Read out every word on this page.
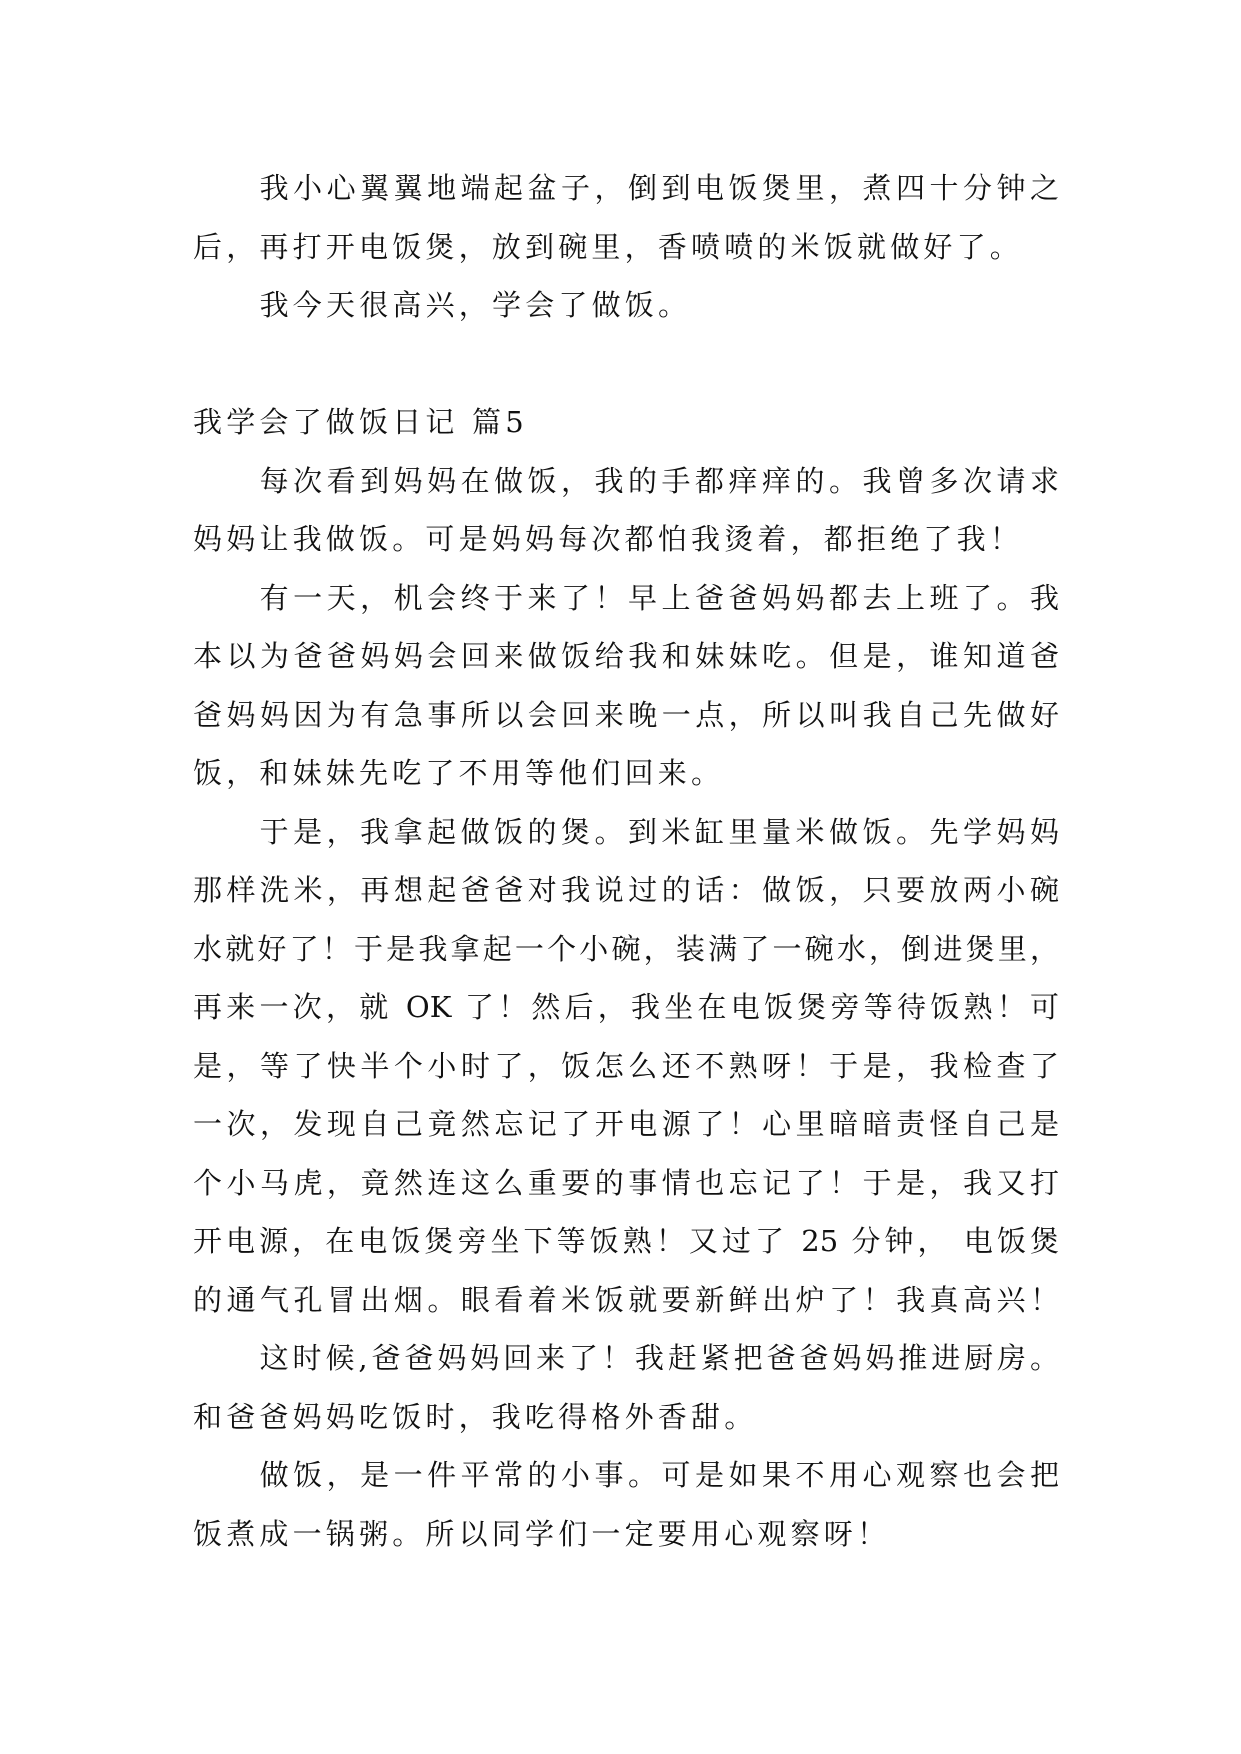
我小心翼翼地端起盆子，倒到电饭煲里，煮四十分钟之
后，再打开电饭煲，放到碗里，香喷喷的米饭就做好了。
我今天很高兴，学会了做饭。
我学会了做饭日记 篇5
每次看到妈妈在做饭，我的手都痒痒的。我曾多次请求
妈妈让我做饭。可是妈妈每次都怕我烫着，都拒绝了我！
有一天，机会终于来了！早上爸爸妈妈都去上班了。我
本以为爸爸妈妈会回来做饭给我和妹妹吃。但是，谁知道爸
爸妈妈因为有急事所以会回来晚一点，所以叫我自己先做好
饭，和妹妹先吃了不用等他们回来。
于是，我拿起做饭的煲。到米缸里量米做饭。先学妈妈
那样洗米，再想起爸爸对我说过的话：做饭，只要放两小碗
水就好了！于是我拿起一个小碗，装满了一碗水，倒进煲里，
再来一次，就 OK 了！然后，我坐在电饭煲旁等待饭熟！可
是，等了快半个小时了，饭怎么还不熟呀！于是，我检查了
一次，发现自己竟然忘记了开电源了！心里暗暗责怪自己是
个小马虎，竟然连这么重要的事情也忘记了！于是，我又打
开电源，在电饭煲旁坐下等饭熟！又过了 25 分钟， 电饭煲
的通气孔冒出烟。眼看着米饭就要新鲜出炉了！我真高兴！
这时候,爸爸妈妈回来了！我赶紧把爸爸妈妈推进厨房。
和爸爸妈妈吃饭时，我吃得格外香甜。
做饭，是一件平常的小事。可是如果不用心观察也会把
饭煮成一锅粥。所以同学们一定要用心观察呀！
